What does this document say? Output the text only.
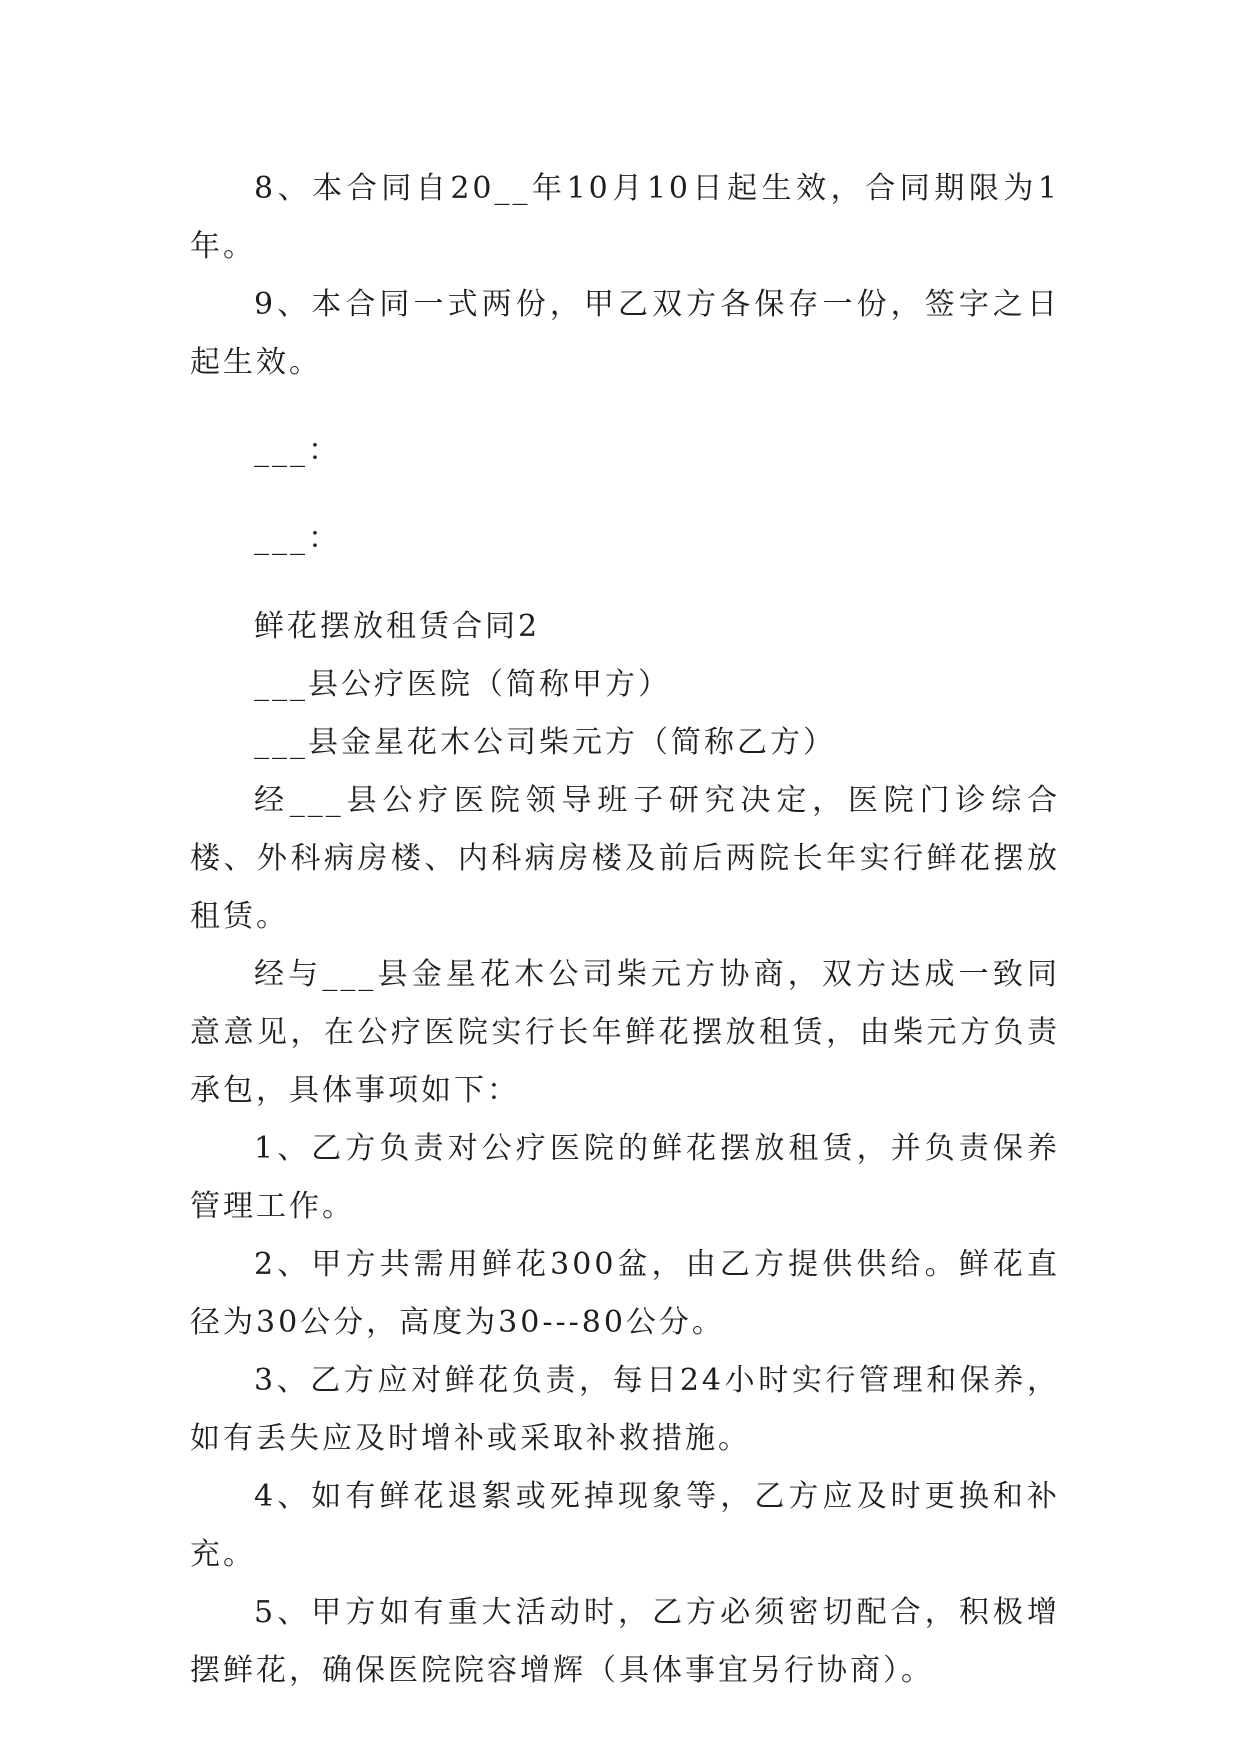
8、本合同自20__年10月10日起生效，合同期限为1年。

9、本合同一式两份，甲乙双方各保存一份，签字之日起生效。

___：

___：

鲜花摆放租赁合同2

___县公疗医院（简称甲方）

___县金星花木公司柴元方（简称乙方）

经___县公疗医院领导班子研究决定，医院门诊综合楼、外科病房楼、内科病房楼及前后两院长年实行鲜花摆放租赁。

经与___县金星花木公司柴元方协商，双方达成一致同意意见，在公疗医院实行长年鲜花摆放租赁，由柴元方负责承包，具体事项如下：

1、乙方负责对公疗医院的鲜花摆放租赁，并负责保养管理工作。

2、甲方共需用鲜花300盆，由乙方提供供给。鲜花直径为30公分，高度为30---80公分。

3、乙方应对鲜花负责，每日24小时实行管理和保养，如有丢失应及时增补或采取补救措施。

4、如有鲜花退絮或死掉现象等，乙方应及时更换和补充。

5、甲方如有重大活动时，乙方必须密切配合，积极增摆鲜花，确保医院院容增辉（具体事宜另行协商）。
